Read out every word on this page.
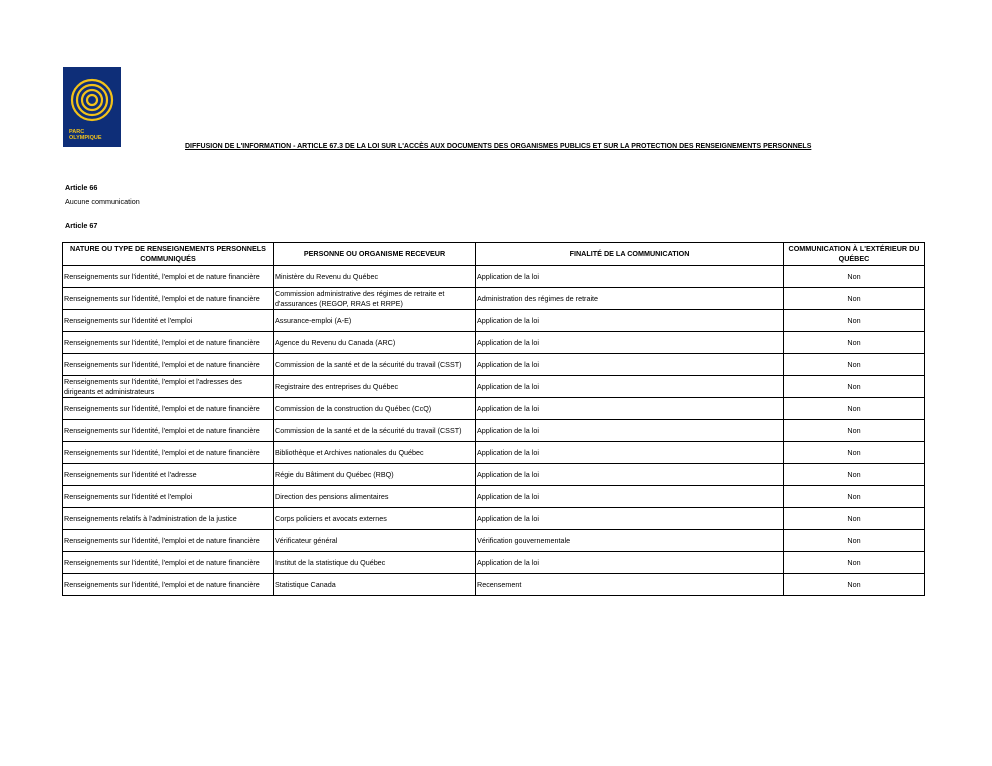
PARC
OLYMPIQUE
DIFFUSION DE L'INFORMATION - ARTICLE 67.3 DE LA LOI SUR L'ACCÈS AUX DOCUMENTS DES ORGANISMES PUBLICS ET SUR LA PROTECTION DES RENSEIGNEMENTS PERSONNELS
Article 66
Aucune communication
Article 67
NATURE OU TYPE DE RENSEIGNEMENTS PERSONNELS COMMUNIQUÉS	PERSONNE OU ORGANISME RECEVEUR	FINALITÉ DE LA COMMUNICATION	COMMUNICATION À L'EXTÉRIEUR DU QUÉBEC
Renseignements sur l'identité, l'emploi et de nature financière	Ministère du Revenu du Québec	Application de la loi	Non
Renseignements sur l'identité, l'emploi et de nature financière	Commission administrative des régimes de retraite et d'assurances (REGOP, RRAS et RRPE)	Administration des régimes de retraite	Non
Renseignements sur l'identité et l'emploi	Assurance-emploi (A-E)	Application de la loi	Non
Renseignements sur l'identité, l'emploi et de nature financière	Agence du Revenu du Canada (ARC)	Application de la loi	Non
Renseignements sur l'identité, l'emploi et de nature financière	Commission de la santé et de la sécurité du travail (CSST)	Application de la loi	Non
Renseignements sur l'identité, l'emploi et l'adresses des dirigeants et administrateurs	Registraire des entreprises du Québec	Application de la loi	Non
Renseignements sur l'identité, l'emploi et de nature financière	Commission de la construction du Québec (CcQ)	Application de la loi	Non
Renseignements sur l'identité, l'emploi et de nature financière	Commission de la santé et de la sécurité du travail (CSST)	Application de la loi	Non
Renseignements sur l'identité, l'emploi et de nature financière	Bibliothèque et Archives nationales du Québec	Application de la loi	Non
Renseignements sur l'identité et l'adresse	Régie du Bâtiment du Québec (RBQ)	Application de la loi	Non
Renseignements sur l'identité et l'emploi	Direction des pensions alimentaires	Application de la loi	Non
Renseignements relatifs à l'administration de la justice	Corps policiers et avocats externes	Application de la loi	Non
Renseignements sur l'identité, l'emploi et de nature financière	Vérificateur général	Vérification gouvernementale	Non
Renseignements sur l'identité, l'emploi et de nature financière	Institut de la statistique du Québec	Application de la loi	Non
Renseignements sur l'identité, l'emploi et de nature financière	Statistique Canada	Recensement	Non
